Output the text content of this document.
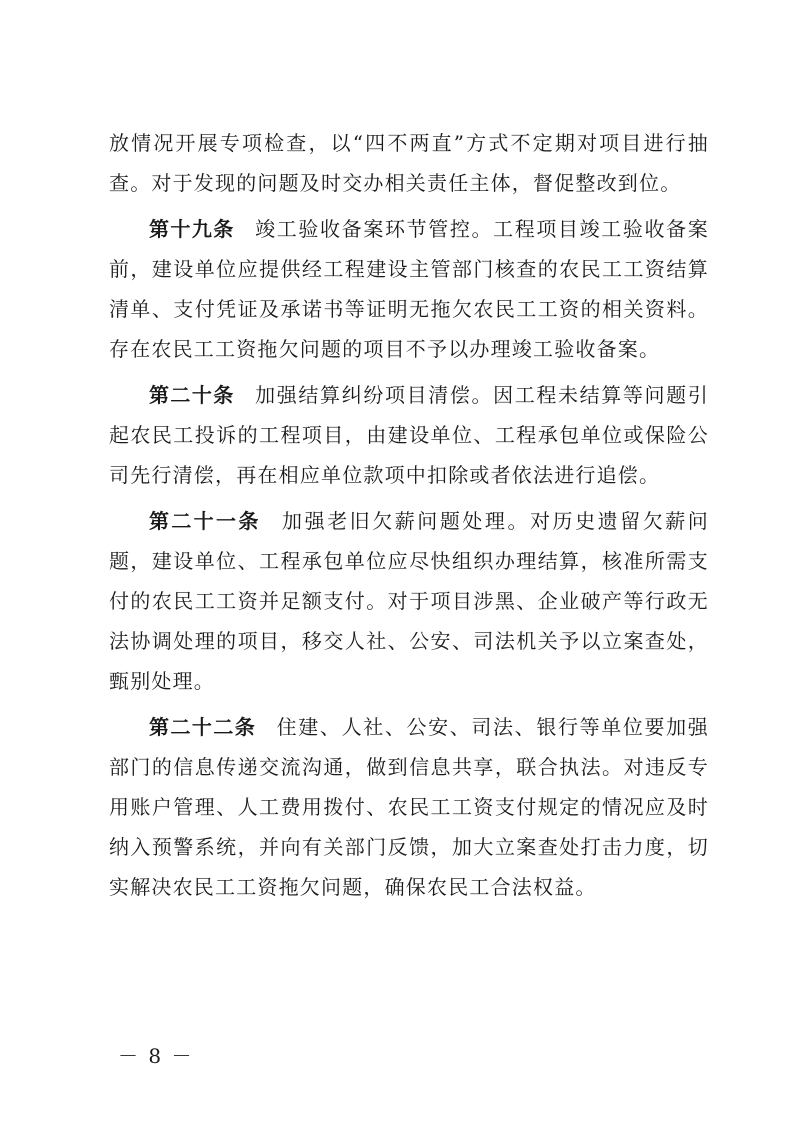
放情况开展专项检查，以“四不两直”方式不定期对项目进行抽查。对于发现的问题及时交办相关责任主体，督促整改到位。

第十九条 竣工验收备案环节管控。工程项目竣工验收备案前，建设单位应提供经工程建设主管部门核查的农民工工资结算清单、支付凭证及承诺书等证明无拖欠农民工工资的相关资料。存在农民工工资拖欠问题的项目不予以办理竣工验收备案。

第二十条 加强结算纠纷项目清偿。因工程未结算等问题引起农民工投诉的工程项目，由建设单位、工程承包单位或保险公司先行清偿，再在相应单位款项中扣除或者依法进行追偿。

第二十一条 加强老旧欠薪问题处理。对历史遗留欠薪问题，建设单位、工程承包单位应尽快组织办理结算，核准所需支付的农民工工资并足额支付。对于项目涉黑、企业破产等行政无法协调处理的项目，移交人社、公安、司法机关予以立案查处，甄别处理。

第二十二条 住建、人社、公安、司法、银行等单位要加强部门的信息传递交流沟通，做到信息共享，联合执法。对违反专用账户管理、人工费用拨付、农民工工资支付规定的情况应及时纳入预警系统，并向有关部门反馈，加大立案查处打击力度，切实解决农民工工资拖欠问题，确保农民工合法权益。

－ 8 －
